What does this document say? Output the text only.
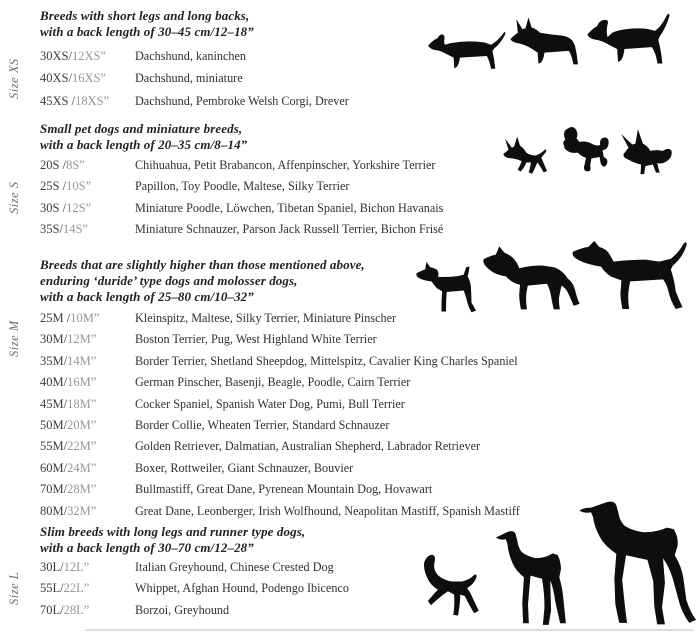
Size XS
Size S
Size M
Size L
Breeds with short legs and long backs,
with a back length of 30–45 cm/12–18”
30XS/12XS”	Dachshund, kaninchen
40XS/16XS”	Dachshund, miniature
45XS /18XS”	Dachshund, Pembroke Welsh Corgi, Drever
Small pet dogs and miniature breeds,
with a back length of 20–35 cm/8–14”
20S /8S”	Chihuahua, Petit Brabancon, Affenpinscher, Yorkshire Terrier
25S /10S”	Papillon, Toy Poodle, Maltese, Silky Terrier
30S /12S”	Miniature Poodle, Löwchen, Tibetan Spaniel, Bichon Havanais
35S/14S”	Miniature Schnauzer, Parson Jack Russell Terrier, Bichon Frisé
Breeds that are slightly higher than those mentioned above,
enduring ‘duride’ type dogs and molosser dogs,
with a back length of 25–80 cm/10–32”
25M /10M”	Kleinspitz, Maltese, Silky Terrier, Miniature Pinscher
30M/12M”	Boston Terrier, Pug, West Highland White Terrier
35M/14M”	Border Terrier, Shetland Sheepdog, Mittelspitz, Cavalier King Charles Spaniel
40M/16M”	German Pinscher, Basenji, Beagle, Poodle, Cairn Terrier
45M/18M”	Cocker Spaniel, Spanish Water Dog, Pumi, Bull Terrier
50M/20M”	Border Collie, Wheaten Terrier, Standard Schnauzer
55M/22M”	Golden Retriever, Dalmatian, Australian Shepherd, Labrador Retriever
60M/24M”	Boxer, Rottweiler, Giant Schnauzer, Bouvier
70M/28M”	Bullmastiff, Great Dane, Pyrenean Mountain Dog, Hovawart
80M/32M”	Great Dane, Leonberger, Irish Wolfhound, Neapolitan Mastiff, Spanish Mastiff
Slim breeds with long legs and runner type dogs,
with a back length of 30–70 cm/12–28”
30L/12L”	Italian Greyhound, Chinese Crested Dog
55L/22L”	Whippet, Afghan Hound, Podengo Ibicenco
70L/28L”	Borzoi, Greyhound
